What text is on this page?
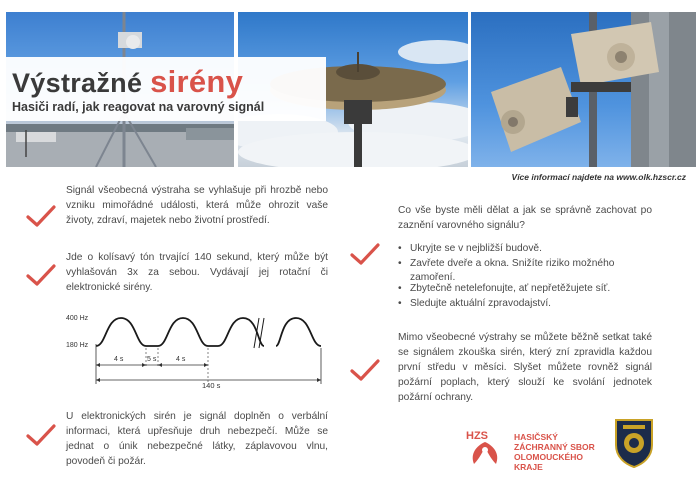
Výstražné sirény
Hasiči radí, jak reagovat na varovný signál
Více informací najdete na www.olk.hzscr.cz
Signál všeobecná výstraha se vyhlašuje při hrozbě nebo vzniku mimořádné události, která může ohrozit vaše životy, zdraví, majetek nebo životní prostředí.
Jde o kolísavý tón trvající 140 sekund, který může být vyhlašován 3x za sebou. Vydávají jej rotační či elektronické sirény.
400 Hz
180 Hz
4 s	5 s	4 s
140 s
U elektronických sirén je signál doplněn o verbální informaci, která upřesňuje druh nebezpečí. Může se jednat o únik nebezpečné látky, záplavovou vlnu, povodeň či požár.
Co vše byste měli dělat a jak se správně zachovat po zaznění varovného signálu?
• Ukryjte se v nejbližší budově.
• Zavřete dveře a okna. Snižíte riziko možného zamoření.
• Zbytečně netelefonujte, ať nepřetěžujete síť.
• Sledujte aktuální zpravodajství.
Mimo všeobecné výstrahy se můžete běžně setkat také se signálem zkouška sirén, který zní zpravidla každou první středu v měsíci. Slyšet můžete rovněž signál požární poplach, který slouží ke svolání jednotek požární ochrany.
HZS	HASIČSKÝ
ZÁCHRANNÝ SBOR
OLOMOUCKÉHO
KRAJE
